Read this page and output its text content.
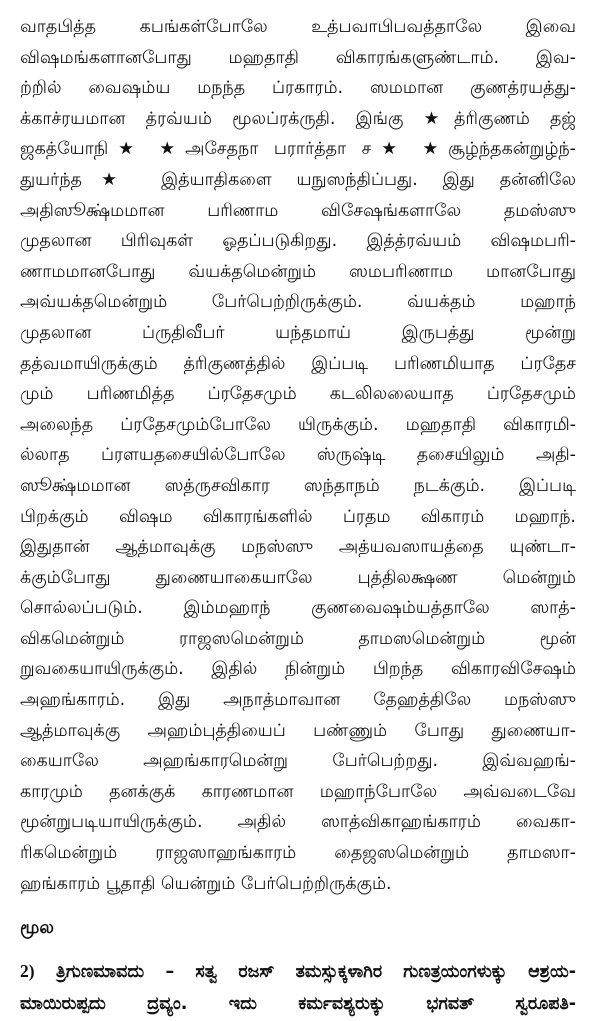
வாதபித்த கபங்கள்போலே உத்பவாபிபவத்தாலே இவை
விஷமங்களானபோது மஹதாதி விகாரங்களுண்டாம். இவ-
ற்றில் வைஷம்ய மநந்த ப்ரகாரம். ஸமமான குணத்ரயத்து-
க்காச்ரயமான த்ரவ்யம் மூலப்ரக்ருதி. இங்கு ★த்ரிகுணம் தஜ்
ஜகத்யோநி★ ★அசேதநா பரார்த்தா ச★ ★சூழ்ந்தகன்றுழ்ந்-
துயர்ந்த★ இத்யாதிகளை யநுஸந்திப்பது. இது தன்னிலே
அதிஸூக்ஷ்மமான பரிணாம விசேஷங்களாலே தமஸ்ஸு
முதலான பிரிவுகள் ஓதப்படுகிறது. இத்த்ரவ்யம் விஷமபரி-
ணாமமானபோது வ்யக்தமென்றும் ஸமபரிணாம மானபோது
அவ்யக்தமென்றும் பேர்பெற்றிருக்கும். வ்யக்தம் மஹாந்
முதலான ப்ருதிவீபர் யந்தமாய் இருபத்து மூன்று
தத்வமாயிருக்கும் த்ரிகுணத்தில் இப்படி பரிணமியாத ப்ரதேச
மும் பரிணமித்த ப்ரதேசமும் கடலிலலையாத ப்ரதேசமும்
அலைந்த ப்ரதேசமும்போலே யிருக்கும். மஹதாதி விகாரமி-
ல்லாத ப்ரளயதசையில்போலே ஸ்ருஷ்டி தசையிலும் அதி-
ஸூக்ஷ்மமான ஸத்ருசவிகார ஸந்தாநம் நடக்கும். இப்படி
பிறக்கும் விஷம விகாரங்களில் ப்ரதம விகாரம் மஹாந்.
இதுதான் ஆத்மாவுக்கு மநஸ்ஸு அத்யவஸாயத்தை யுண்டா-
க்கும்போது துணையாகையாலே புத்திலக்ஷண மென்றும்
சொல்லப்படும். இம்மஹாந் குணவைஷம்யத்தாலே ஸாத்-
விகமென்றும் ராஜஸமென்றும் தாமஸமென்றும் மூன்
றுவகையாயிருக்கும். இதில் நின்றும் பிறந்த விகாரவிசேஷம்
அஹங்காரம். இது அநாத்மாவான தேஹத்திலே மநஸ்ஸு
ஆத்மாவுக்கு அஹம்புத்தியைப் பண்ணும் போது துணையா-
கையாலே அஹங்காரமென்று பேர்பெற்றது. இவ்வஹங்-
காரமும் தனக்குக் காரணமான மஹாந்போலே அவ்வடைவே
மூன்றுபடியாயிருக்கும். அதில் ஸாத்விகாஹங்காரம் வைகா-
ரிகமென்றும் ராஜஸாஹங்காரம் தைஜஸமென்றும் தாமஸா-
ஹங்காரம் பூதாதி யென்றும் பேர்பெற்றிருக்கும்.
மூல
2) ತ್ರಿಗುಣಮಾವದು – ಸತ್ವ ರಜಸ್ ತಮಸ್ಸುಕ್ಕಳಾಗಿರ ಗುಣತ್ರಯಂಗಳುಕ್ಕು ಆಶ್ರಯ-
ಮಾಯಿರುಪ್ಪದು ದ್ರವ್ಯಂ. ಇದು ಕರ್ಮವಶ್ಯರುಕ್ಕು ಭಗವತ್ ಸ್ವರೂಪತಿ-
